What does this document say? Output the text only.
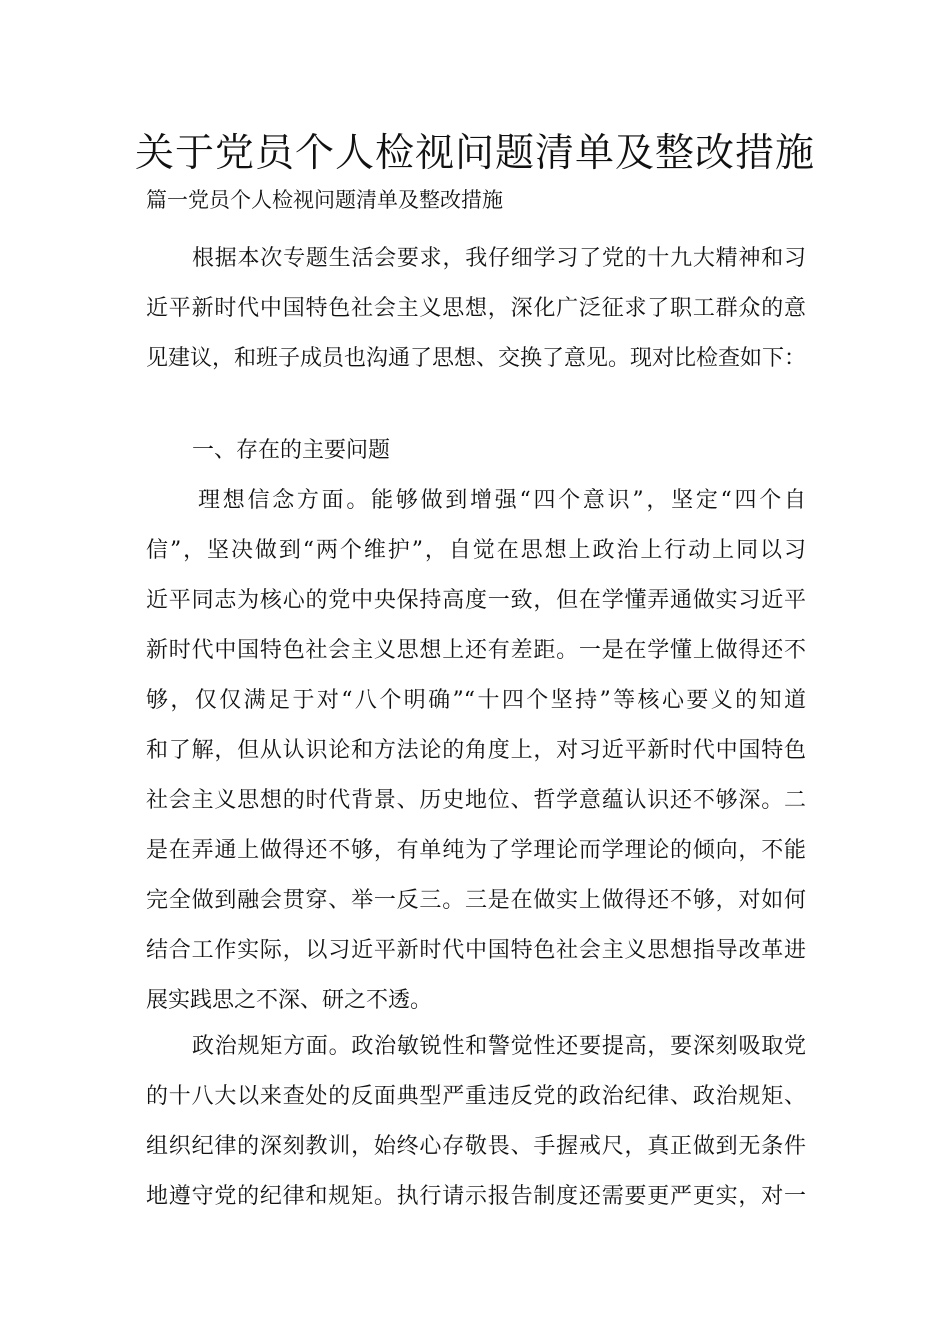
关于党员个人检视问题清单及整改措施

篇一党员个人检视问题清单及整改措施

根据本次专题生活会要求，我仔细学习了党的十九大精神和习
近平新时代中国特色社会主义思想，深化广泛征求了职工群众的意
见建议，和班子成员也沟通了思想、交换了意见。现对比检查如下：
一、存在的主要问题
理想信念方面。能够做到增强“四个意识”，坚定“四个自
信”，坚决做到“两个维护”，自觉在思想上政治上行动上同以习
近平同志为核心的党中央保持高度一致，但在学懂弄通做实习近平
新时代中国特色社会主义思想上还有差距。一是在学懂上做得还不
够，仅仅满足于对“八个明确”“十四个坚持”等核心要义的知道
和了解，但从认识论和方法论的角度上，对习近平新时代中国特色
社会主义思想的时代背景、历史地位、哲学意蕴认识还不够深。二
是在弄通上做得还不够，有单纯为了学理论而学理论的倾向，不能
完全做到融会贯穿、举一反三。三是在做实上做得还不够，对如何
结合工作实际，以习近平新时代中国特色社会主义思想指导改革进
展实践思之不深、研之不透。
政治规矩方面。政治敏锐性和警觉性还要提高，要深刻吸取党
的十八大以来查处的反面典型严重违反党的政治纪律、政治规矩、
组织纪律的深刻教训，始终心存敬畏、手握戒尺，真正做到无条件
地遵守党的纪律和规矩。执行请示报告制度还需要更严更实，对一
